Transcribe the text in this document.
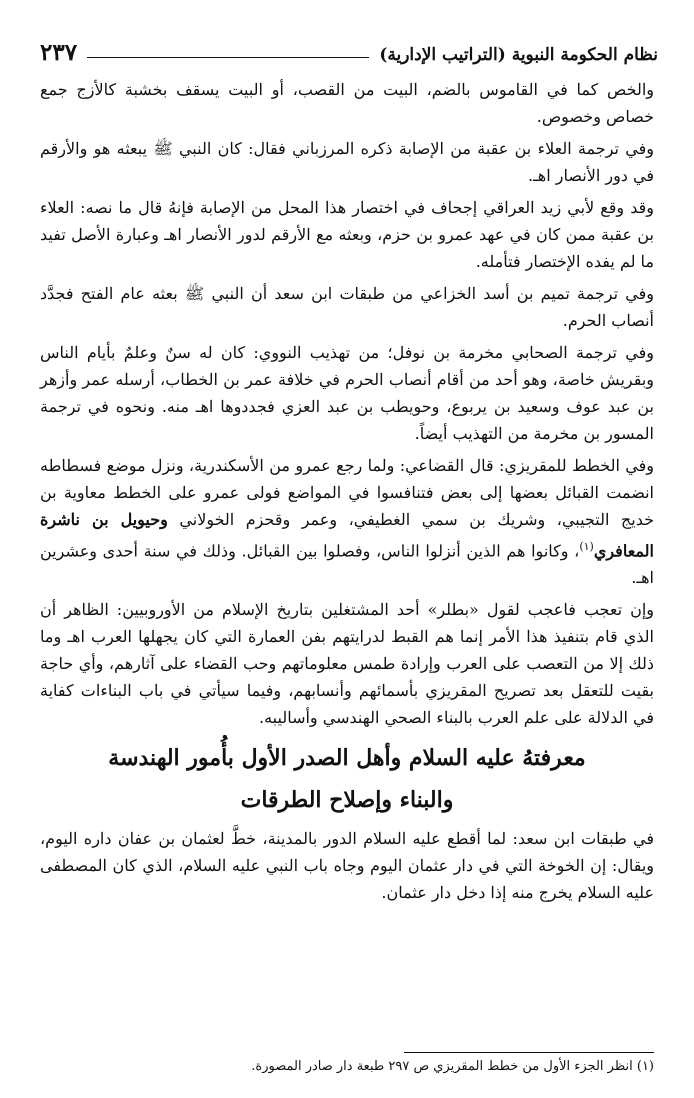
نظام الحكومة النبوية (التراتيب الإدارية)
٢٣٧

والخص كما في القاموس بالضم، البيت من القصب، أو البيت يسقف بخشبة كالأزج جمع خصاص وخصوص.

وفي ترجمة العلاء بن عقبة من الإصابة ذكره المرزباني فقال: كان النبي ﷺ يبعثه هو والأرقم في دور الأنصار اهـ.

وقد وقع لأبي زيد العراقي إجحاف في اختصار هذا المحل من الإصابة فإنهُ قال ما نصه: العلاء بن عقبة ممن كان في عهد عمرو بن حزم، وبعثه مع الأرقم لدور الأنصار اهـ وعبارة الأصل تفيد ما لم يفده الإختصار فتأمله.

وفي ترجمة تميم بن أسد الخزاعي من طبقات ابن سعد أن النبي ﷺ بعثه عام الفتح فجدَّد أنصاب الحرم.

وفي ترجمة الصحابي مخرمة بن نوفل؛ من تهذيب النووي: كان له سنٌ وعلمٌ بأيام الناس وبقريش خاصة، وهو أحد من أقام أنصاب الحرم في خلافة عمر بن الخطاب، أرسله عمر وأزهر بن عبد عوف وسعيد بن يربوع، وحويطب بن عبد العزي فجددوها اهـ منه. ونحوه في ترجمة المسور بن مخرمة من التهذيب أيضاً.

وفي الخطط للمقريزي: قال القضاعي: ولما رجع عمرو من الأسكندرية، ونزل موضع فسطاطه انضمت القبائل بعضها إلى بعض فتنافسوا في المواضع فولى عمرو على الخطط معاوية بن خديج التجيبي، وشريك بن سمي الغطيفي، وعمر وقحزم الخولاني وحيويل بن ناشرة المعافري$^{(١)}$، وكانوا هم الذين أنزلوا الناس، وفصلوا بين القبائل. وذلك في سنة أحدى وعشرين اهـ.

وإن تعجب فاعجب لقول «بطلر» أحد المشتغلين بتاريخ الإسلام من الأوروبيين: الظاهر أن الذي قام بتنفيذ هذا الأمر إنما هم القبط لدرايتهم بفن العمارة التي كان يجهلها العرب اهـ وما ذلك إلا من التعصب على العرب وإرادة طمس معلوماتهم وحب القضاء على آثارهم، وأي حاجة بقيت للتعقل بعد تصريح المقريزي بأسمائهم وأنسابهم، وفيما سيأتي في باب البناءات كفاية في الدلالة على علم العرب بالبناء الصحي الهندسي وأساليبه.

معرفتهُ عليه السلام وأهل الصدر الأول بأُمور الهندسة
والبناء وإصلاح الطرقات

في طبقات ابن سعد: لما أقطع عليه السلام الدور بالمدينة، خطَّ لعثمان بن عفان داره اليوم، ويقال: إن الخوخة التي في دار عثمان اليوم وجاه باب النبي عليه السلام، الذي كان المصطفى عليه السلام يخرج منه إذا دخل دار عثمان.

(١) انظر الجزء الأول من خطط المقريزي ص ٢٩٧ طبعة دار صادر المصورة.
